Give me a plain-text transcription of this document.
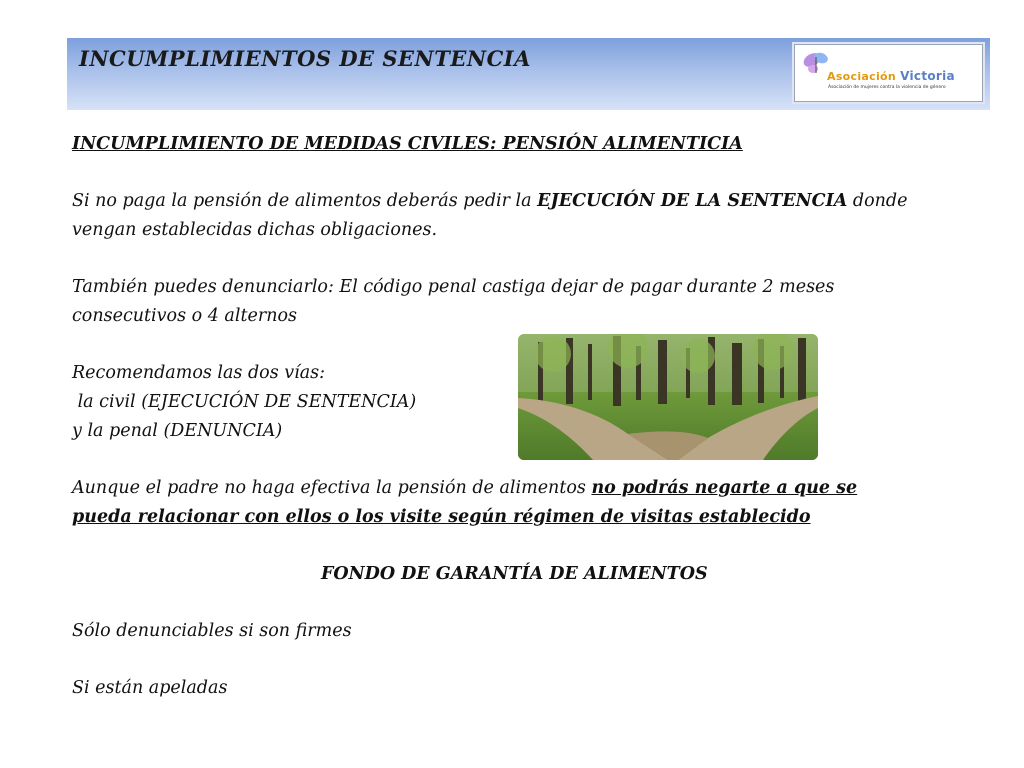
INCUMPLIMIENTOS DE SENTENCIA
Asociación Victoria
Asociación de mujeres contra la violencia de género
INCUMPLIMIENTO DE MEDIDAS CIVILES: PENSIÓN ALIMENTICIA
Si no paga la pensión de alimentos deberás pedir la EJECUCIÓN DE LA SENTENCIA donde
vengan establecidas dichas obligaciones.
También puedes denunciarlo: El código penal castiga dejar de pagar durante 2 meses
consecutivos o 4 alternos
Recomendamos las dos vías:
la civil (EJECUCIÓN DE SENTENCIA)
y la penal (DENUNCIA)
Aunque el padre no haga efectiva la pensión de alimentos no podrás negarte a que se
pueda relacionar con ellos o los visite según régimen de visitas establecido
FONDO DE GARANTÍA DE ALIMENTOS
Sólo denunciables si son firmes
Si están apeladas
